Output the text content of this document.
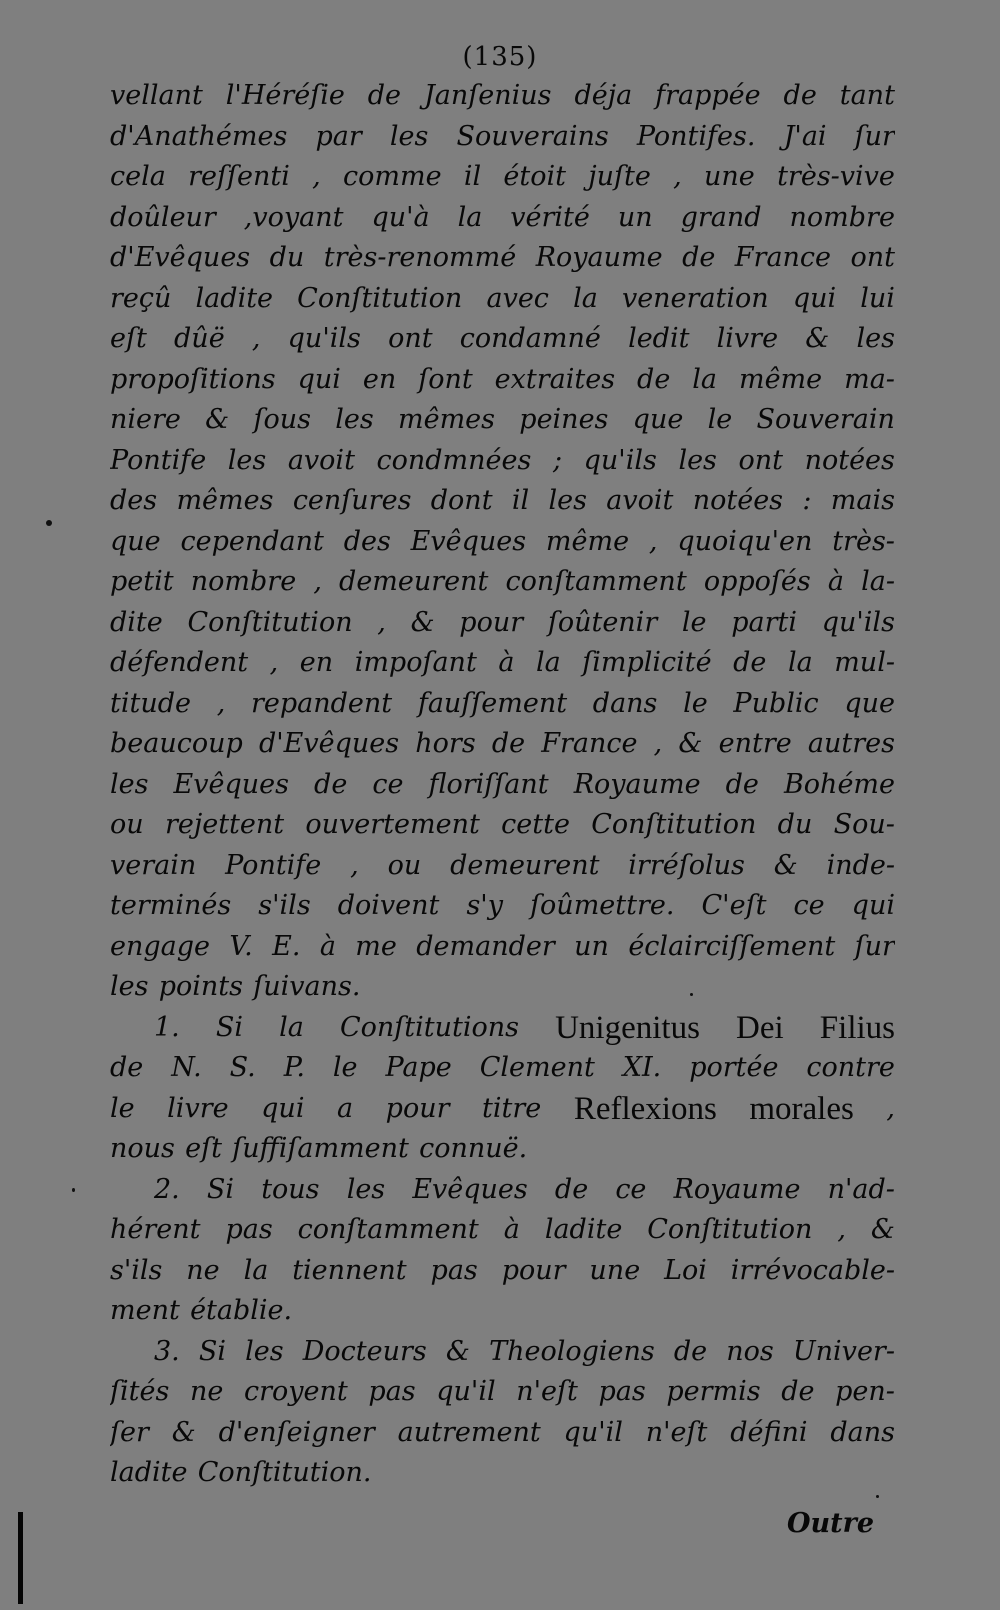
(135)
vellant l'Héréſie de Janſenius déja frappée de tant
d'Anathémes par les Souverains Pontifes. J'ai ſur
cela reſſenti , comme il étoit juſte , une très-vive
doûleur ,voyant qu'à la vérité un grand nombre
d'Evêques du très-renommé Royaume de France ont
reçû ladite Conſtitution avec la veneration qui lui
eſt dûë , qu'ils ont condamné ledit livre & les
propoſitions qui en ſont extraites de la même ma-
niere & ſous les mêmes peines que le Souverain
Pontife les avoit condmnées ; qu'ils les ont notées
des mêmes cenſures dont il les avoit notées : mais
que cependant des Evêques même , quoiqu'en très-
petit nombre , demeurent conſtamment oppoſés à la-
dite Conſtitution , & pour ſoûtenir le parti qu'ils
défendent , en impoſant à la ſimplicité de la mul-
titude , repandent fauſſement dans le Public que
beaucoup d'Evêques hors de France , & entre autres
les Evêques de ce floriſſant Royaume de Bohéme
ou rejettent ouvertement cette Conſtitution du Sou-
verain Pontife , ou demeurent irréſolus & inde-
terminés s'ils doivent s'y ſoûmettre. C'eſt ce qui
engage V. E. à me demander un éclairciſſement ſur
les points ſuivans.
1. Si la Conſtitutions Unigenitus Dei Filius
de N. S. P. le Pape Clement XI. portée contre
le livre qui a pour titre Reflexions morales ,
nous eſt ſuffiſamment connuë.
2. Si tous les Evêques de ce Royaume n'ad-
hérent pas conſtamment à ladite Conſtitution , &
s'ils ne la tiennent pas pour une Loi irrévocable-
ment établie.
3. Si les Docteurs & Theologiens de nos Univer-
ſités ne croyent pas qu'il n'eſt pas permis de pen-
ſer & d'enſeigner autrement qu'il n'eſt défini dans
ladite Conſtitution.
Outre
